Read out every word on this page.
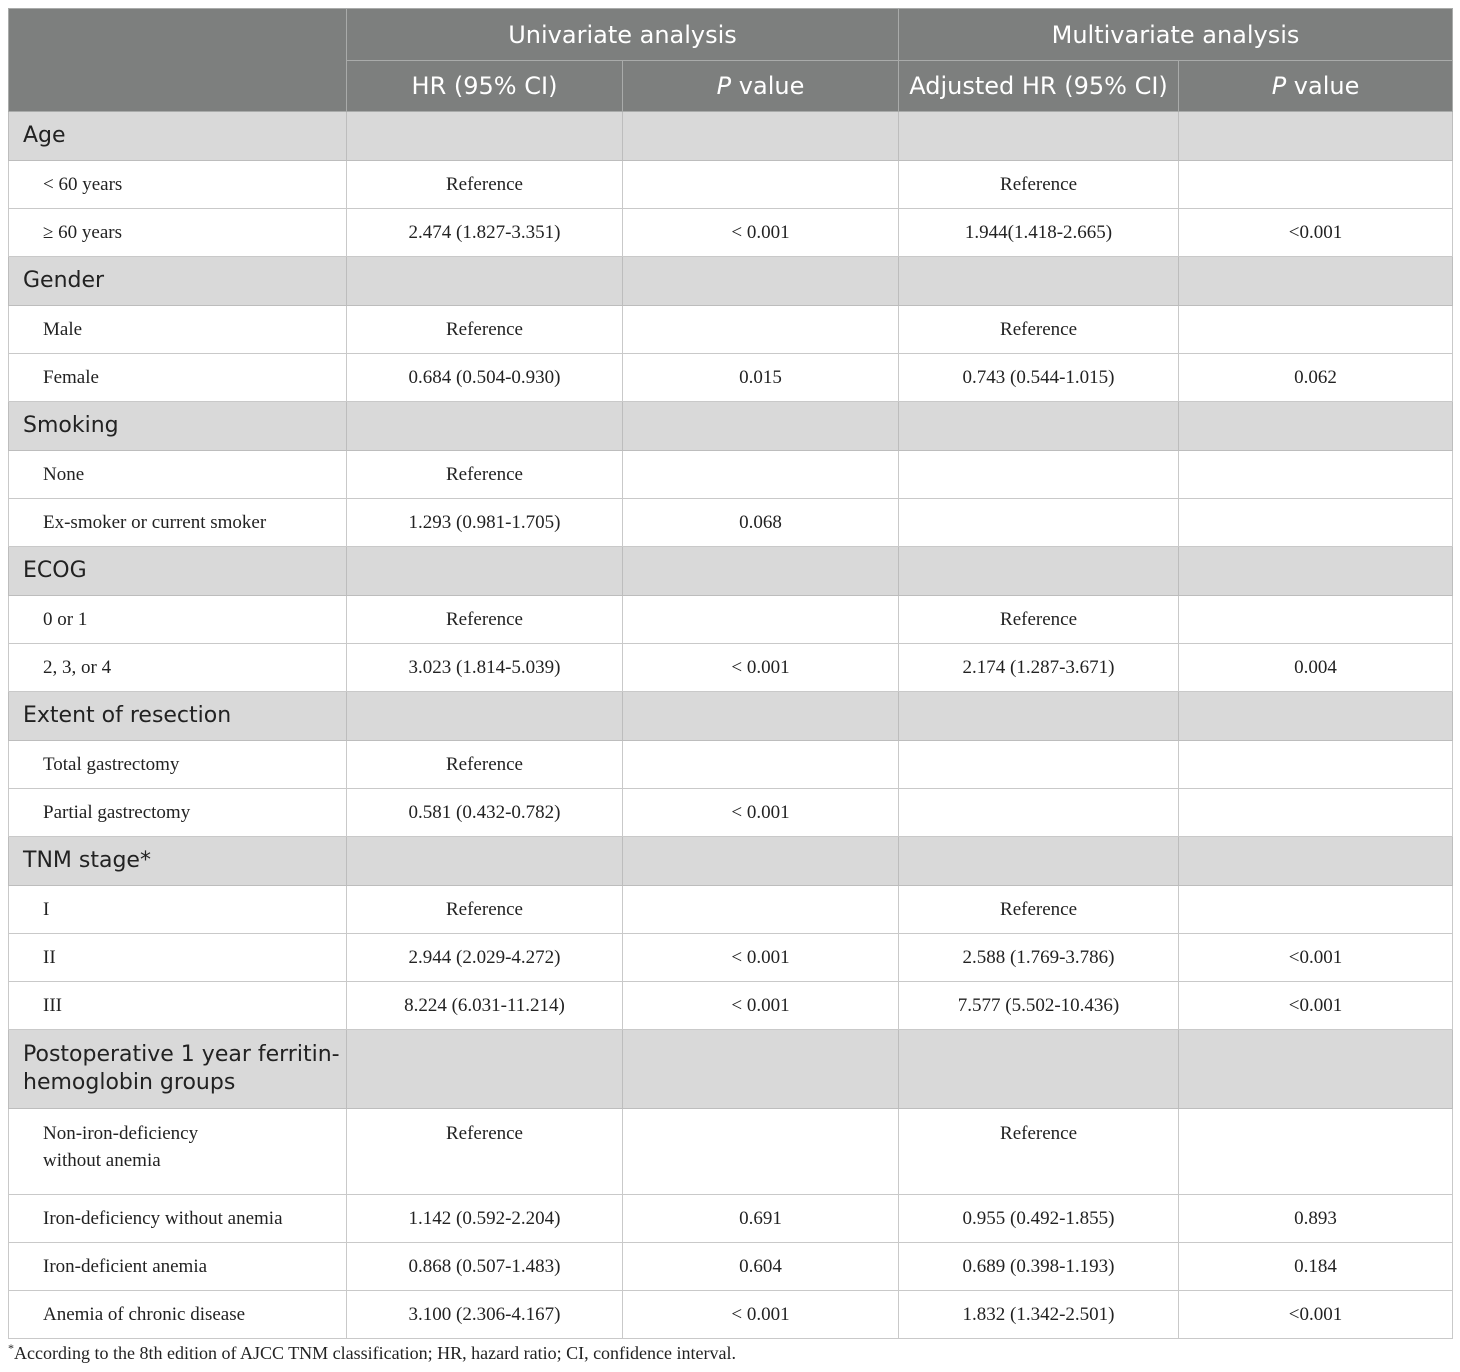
	Univariate analysis		Multivariate analysis	
	HR (95% CI)	P value	Adjusted HR (95% CI)	P value
Age				
< 60 years	Reference		Reference	
≥ 60 years	2.474 (1.827-3.351)	< 0.001	1.944(1.418-2.665)	<0.001
Gender				
Male	Reference		Reference	
Female	0.684 (0.504-0.930)	0.015	0.743 (0.544-1.015)	0.062
Smoking				
None	Reference			
Ex-smoker or current smoker	1.293 (0.981-1.705)	0.068		
ECOG				
0 or 1	Reference		Reference	
2, 3, or 4	3.023 (1.814-5.039)	< 0.001	2.174 (1.287-3.671)	0.004
Extent of resection				
Total gastrectomy	Reference			
Partial gastrectomy	0.581 (0.432-0.782)	< 0.001		
TNM stage*				
I	Reference		Reference	
II	2.944 (2.029-4.272)	< 0.001	2.588 (1.769-3.786)	<0.001
III	8.224 (6.031-11.214)	< 0.001	7.577 (5.502-10.436)	<0.001
Postoperative 1 year ferritin-
hemoglobin groups				
Non-iron-deficiency
without anemia	Reference		Reference	
Iron-deficiency without anemia	1.142 (0.592-2.204)	0.691	0.955 (0.492-1.855)	0.893
Iron-deficient anemia	0.868 (0.507-1.483)	0.604	0.689 (0.398-1.193)	0.184
Anemia of chronic disease	3.100 (2.306-4.167)	< 0.001	1.832 (1.342-2.501)	<0.001
*According to the 8th edition of AJCC TNM classification; HR, hazard ratio; CI, confidence interval.
